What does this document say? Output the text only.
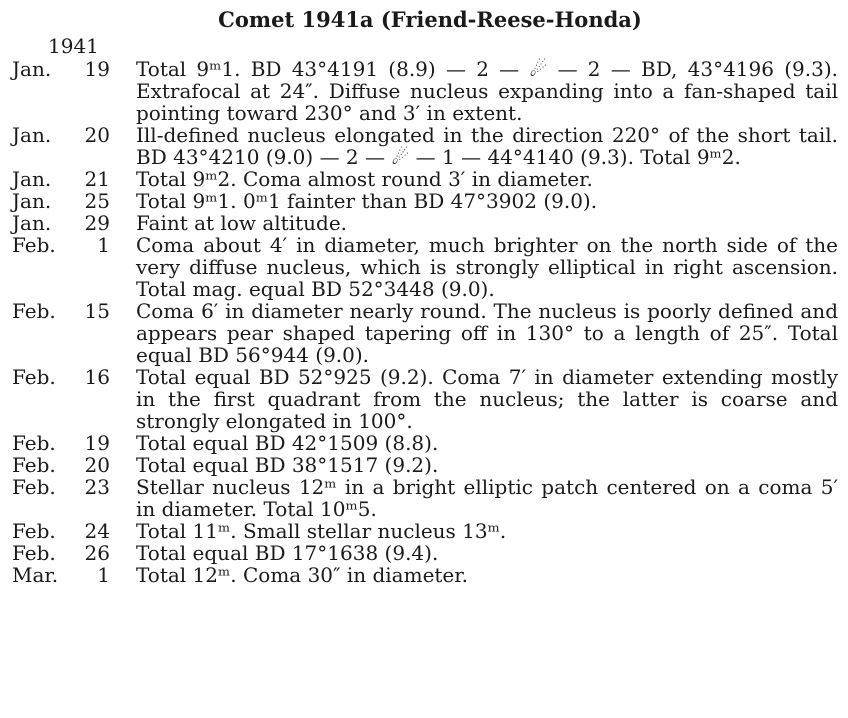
Comet 1941a (Friend-Reese-Honda)
1941
Jan.	19	Total 9ᵐ1. BD 43°4191 (8.9) — 2 — ☄ — 2 — BD, 43°4196 (9.3). Extrafocal at 24″. Diffuse nucleus expanding into a fan-shaped tail pointing toward 230° and 3′ in extent.
Jan.	20	Ill-defined nucleus elongated in the direction 220° of the short tail. BD 43°4210 (9.0) — 2 — ☄ — 1 — 44°4140 (9.3). Total 9ᵐ2.
Jan.	21	Total 9ᵐ2. Coma almost round 3′ in diameter.
Jan.	25	Total 9ᵐ1. 0ᵐ1 fainter than BD 47°3902 (9.0).
Jan.	29	Faint at low altitude.
Feb.	1	Coma about 4′ in diameter, much brighter on the north side of the very diffuse nucleus, which is strongly elliptical in right ascension. Total mag. equal BD 52°3448 (9.0).
Feb.	15	Coma 6′ in diameter nearly round. The nucleus is poorly defined and appears pear shaped tapering off in 130° to a length of 25″. Total equal BD 56°944 (9.0).
Feb.	16	Total equal BD 52°925 (9.2). Coma 7′ in diameter extending mostly in the first quadrant from the nucleus; the latter is coarse and strongly elongated in 100°.
Feb.	19	Total equal BD 42°1509 (8.8).
Feb.	20	Total equal BD 38°1517 (9.2).
Feb.	23	Stellar nucleus 12ᵐ in a bright elliptic patch centered on a coma 5′ in diameter. Total 10ᵐ5.
Feb.	24	Total 11ᵐ. Small stellar nucleus 13ᵐ.
Feb.	26	Total equal BD 17°1638 (9.4).
Mar.	1	Total 12ᵐ. Coma 30″ in diameter.
